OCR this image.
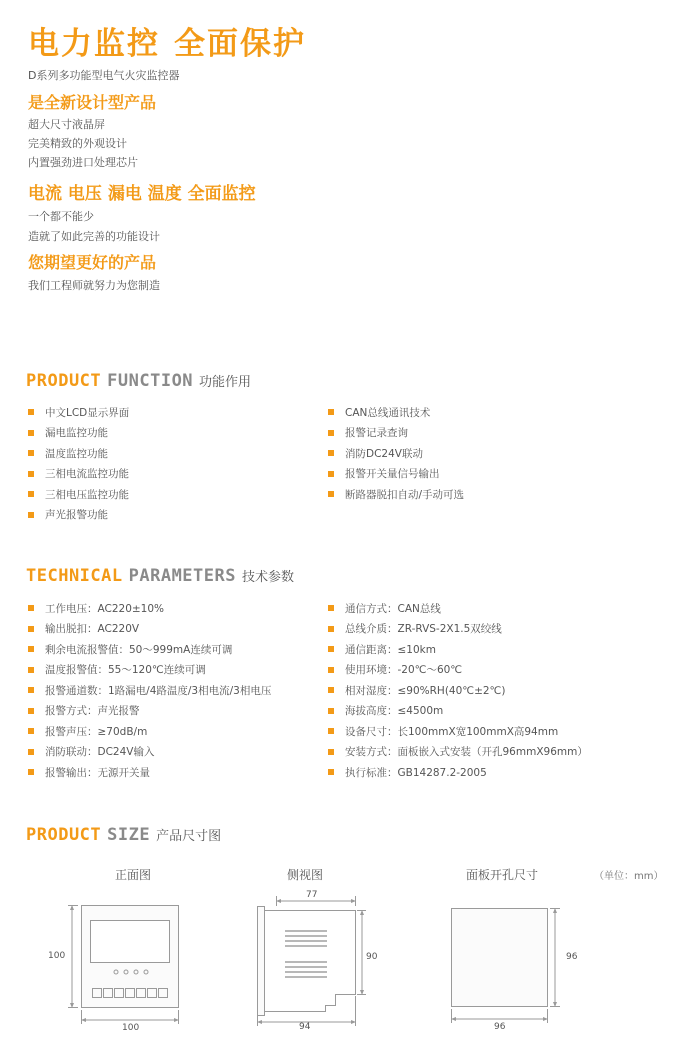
电力监控 全面保护
D系列多功能型电气火灾监控器
是全新设计型产品
超大尺寸液晶屏
完美精致的外观设计
内置强劲进口处理芯片
电流 电压 漏电 温度 全面监控
一个都不能少
造就了如此完善的功能设计
您期望更好的产品
我们工程师就努力为您制造
PRODUCT FUNCTION 功能作用
中文LCD显示界面
漏电监控功能
温度监控功能
三相电流监控功能
三相电压监控功能
声光报警功能
CAN总线通讯技术
报警记录查询
消防DC24V联动
报警开关量信号输出
断路器脱扣自动/手动可选
TECHNICAL PARAMETERS 技术参数
工作电压：AC220±10%
输出脱扣：AC220V
剩余电流报警值：50～999mA连续可调
温度报警值：55～120℃连续可调
报警通道数：1路漏电/4路温度/3相电流/3相电压
报警方式：声光报警
报警声压：≥70dB/m
消防联动：DC24V输入
报警输出：无源开关量
通信方式：CAN总线
总线介质：ZR-RVS-2X1.5双绞线
通信距离：≤10km
使用环境：-20℃～60℃
相对湿度：≤90%RH(40℃±2℃)
海拔高度：≤4500m
设备尺寸：长100mmX宽100mmX高94mm
安装方式：面板嵌入式安装（开孔96mmX96mm）
执行标准：GB14287.2-2005
PRODUCT SIZE 产品尺寸图
正面图	侧视图	面板开孔尺寸	（单位：mm）
100
100
77
90
94
96
96
